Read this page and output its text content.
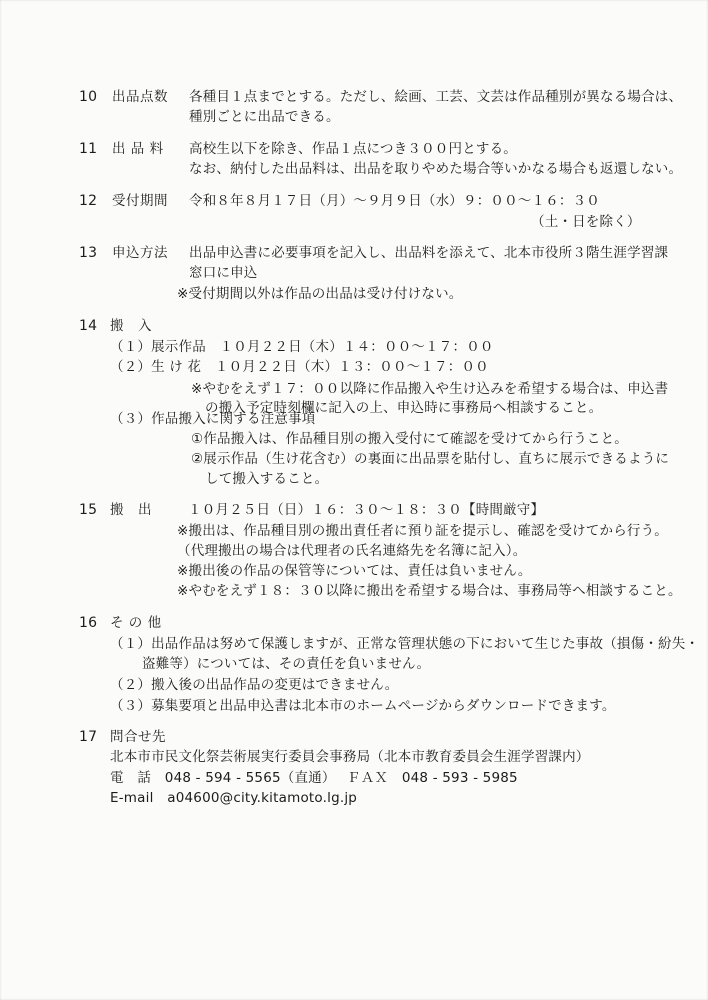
10 出品点数 各種目１点までとする。ただし、絵画、工芸、文芸は作品種別が異なる場合は、
種別ごとに出品できる。
11 出 品 料 高校生以下を除き、作品１点につき３００円とする。
なお、納付した出品料は、出品を取りやめた場合等いかなる場合も返還しない。
12 受付期間 令和８年８月１７日（月）～９月９日（水）９：００～１６：３０
（土・日を除く）
13 申込方法 出品申込書に必要事項を記入し、出品料を添えて、北本市役所３階生涯学習課
窓口に申込
※受付期間以外は作品の出品は受け付けない。
14 搬　入
（１）展示作品　１０月２２日（木）１４：００～１７：００
（２）生 け 花　１０月２２日（木）１３：００～１７：００
※やむをえず１７：００以降に作品搬入や生け込みを希望する場合は、申込書
の搬入予定時刻欄に記入の上、申込時に事務局へ相談すること。
（３）作品搬入に関する注意事項
①作品搬入は、作品種目別の搬入受付にて確認を受けてから行うこと。
②展示作品（生け花含む）の裏面に出品票を貼付し、直ちに展示できるように
して搬入すること。
15 搬　出	１０月２５日（日）１６：３０～１８：３０【時間厳守】
※搬出は、作品種目別の搬出責任者に預り証を提示し、確認を受けてから行う。
（代理搬出の場合は代理者の氏名連絡先を名簿に記入）。
※搬出後の作品の保管等については、責任は負いません。
※やむをえず１８：３０以降に搬出を希望する場合は、事務局等へ相談すること。
16 そ の 他
（１）出品作品は努めて保護しますが、正常な管理状態の下において生じた事故（損傷・紛失・
盗難等）については、その責任を負いません。
（２）搬入後の出品作品の変更はできません。
（３）募集要項と出品申込書は北本市のホームページからダウンロードできます。
17 問合せ先
北本市市民文化祭芸術展実行委員会事務局（北本市教育委員会生涯学習課内）
電　話　048 - 594 - 5565（直通）　 ＦＡＸ　048 - 593 - 5985
E-mail　a04600@city.kitamoto.lg.jp
